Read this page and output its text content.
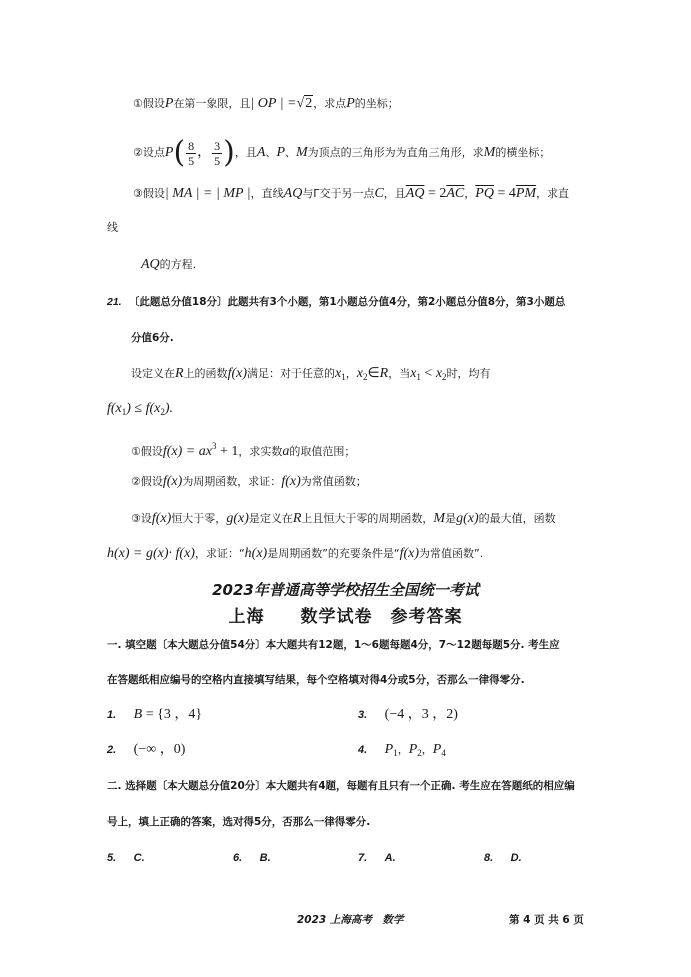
①假设P在第一象限，且| OP | =√2，求点P的坐标；
②设点$P( \frac{8}{5}$ ， $\frac{3}{5}$ )，且A、P、M为顶点的三角形为为直角三角形，求M的横坐标；
③假设| MA | = | MP |，直线AQ与Γ交于另一点C，且$\overline{AQ} = 2\overline{AC}$，$\overline{PQ} = 4\overline{PM}$，求直
线
AQ的方程.
21. 〔此题总分值18分〕此题共有3个小题，第1小题总分值4分，第2小题总分值8分，第3小题总
分值6分.
设定义在R上的函数f(x)满足：对于任意的$x_1$，$x_2\in R$，当$x_1 < x_2$时，均有
$f(x_1) \le f(x_2)$.
①假设$f(x) = ax^3 + 1$，求实数a的取值范围；
②假设f(x)为周期函数，求证：f(x)为常值函数；
③设f(x)恒大于零，g(x)是定义在R上且恒大于零的周期函数，M是g(x)的最大值，函数
h(x) = g(x)· f(x)，求证：“h(x)是周期函数”的充要条件是“f(x)为常值函数”.
2023年普通高等学校招生全国统一考试
上海　　数学试卷　参考答案
一. 填空题〔本大题总分值54分〕本大题共有12题，1～6题每题4分，7～12题每题5分. 考生应
在答题纸相应编号的空格内直接填写结果，每个空格填对得4分或5分，否那么一律得零分.
1. B = {3 ，4}	3. (−4 ，3 ，2)
2. (−∞ ，0)	4. $P_1$，$P_2$，$P_4$
二. 选择题〔本大题总分值20分〕本大题共有4题，每题有且只有一个正确. 考生应在答题纸的相应编
号上，填上正确的答案，选对得5分，否那么一律得零分.
5. C.	6. B.	7. A.	8. D.
2023 上海高考　数学	第 4 页 共 6 页
